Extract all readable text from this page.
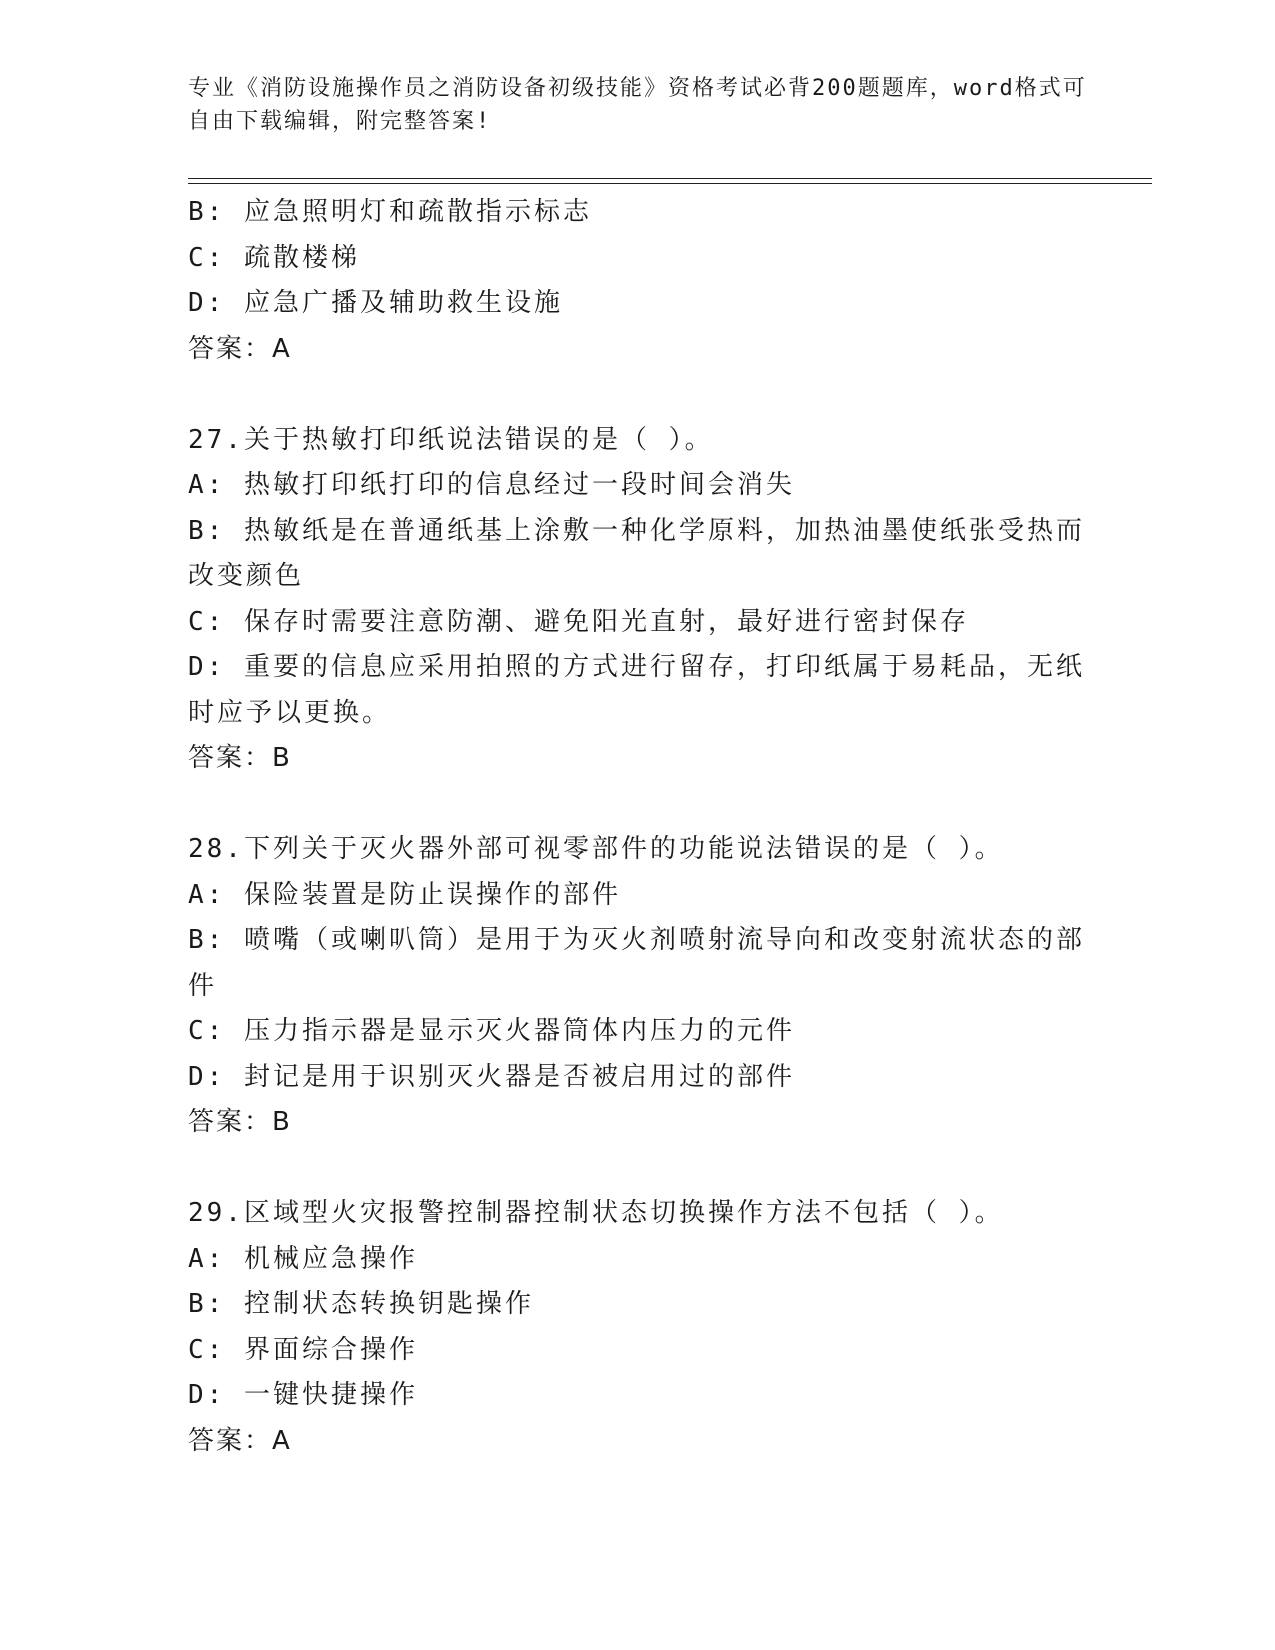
专业《消防设施操作员之消防设备初级技能》资格考试必背200题题库，word格式可自由下载编辑，附完整答案!

B: 应急照明灯和疏散指示标志

C: 疏散楼梯

D: 应急广播及辅助救生设施

答案：A

27.关于热敏打印纸说法错误的是（ ）。

A: 热敏打印纸打印的信息经过一段时间会消失

B: 热敏纸是在普通纸基上涂敷一种化学原料，加热油墨使纸张受热而改变颜色

C: 保存时需要注意防潮、避免阳光直射，最好进行密封保存

D: 重要的信息应采用拍照的方式进行留存，打印纸属于易耗品，无纸时应予以更换。

答案：B

28.下列关于灭火器外部可视零部件的功能说法错误的是（ ）。

A: 保险装置是防止误操作的部件

B: 喷嘴（或喇叭筒）是用于为灭火剂喷射流导向和改变射流状态的部件

C: 压力指示器是显示灭火器筒体内压力的元件

D: 封记是用于识别灭火器是否被启用过的部件

答案：B

29.区域型火灾报警控制器控制状态切换操作方法不包括（ ）。

A: 机械应急操作

B: 控制状态转换钥匙操作

C: 界面综合操作

D: 一键快捷操作

答案：A
